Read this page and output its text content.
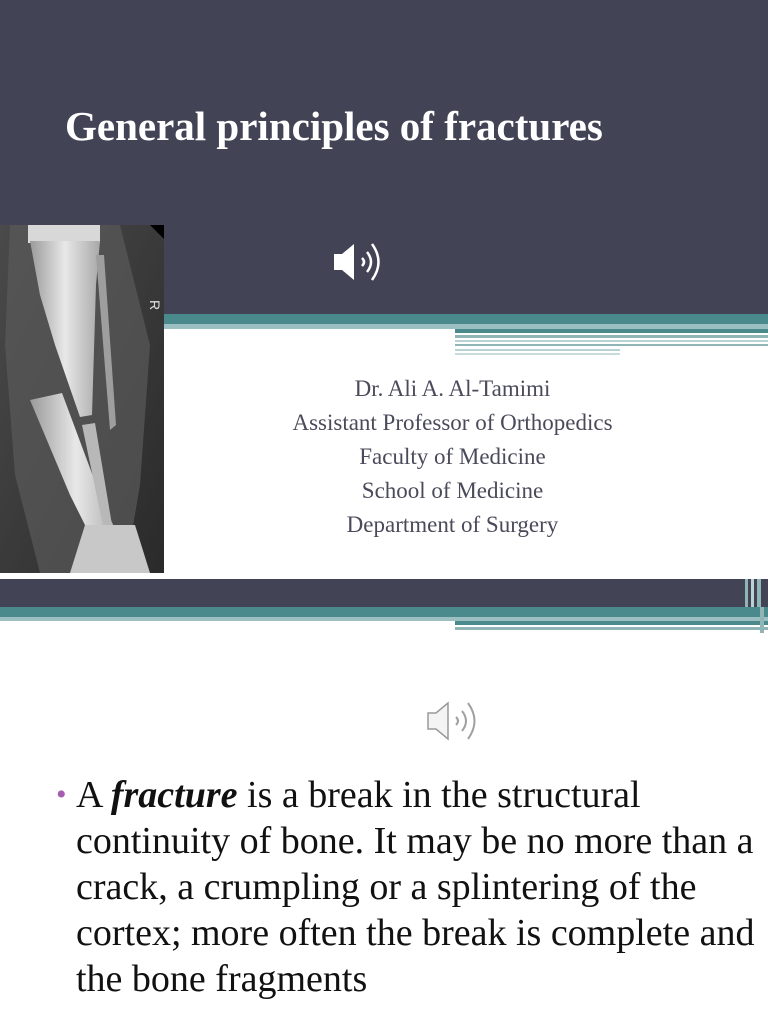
General principles of fractures
R
Dr. Ali A. Al-Tamimi
Assistant Professor of Orthopedics
Faculty of Medicine
School of Medicine
Department of Surgery
• A fracture is a break in the structural continuity of bone. It may be no more than a crack, a crumpling or a splintering of the cortex; more often the break is complete and the bone fragments
